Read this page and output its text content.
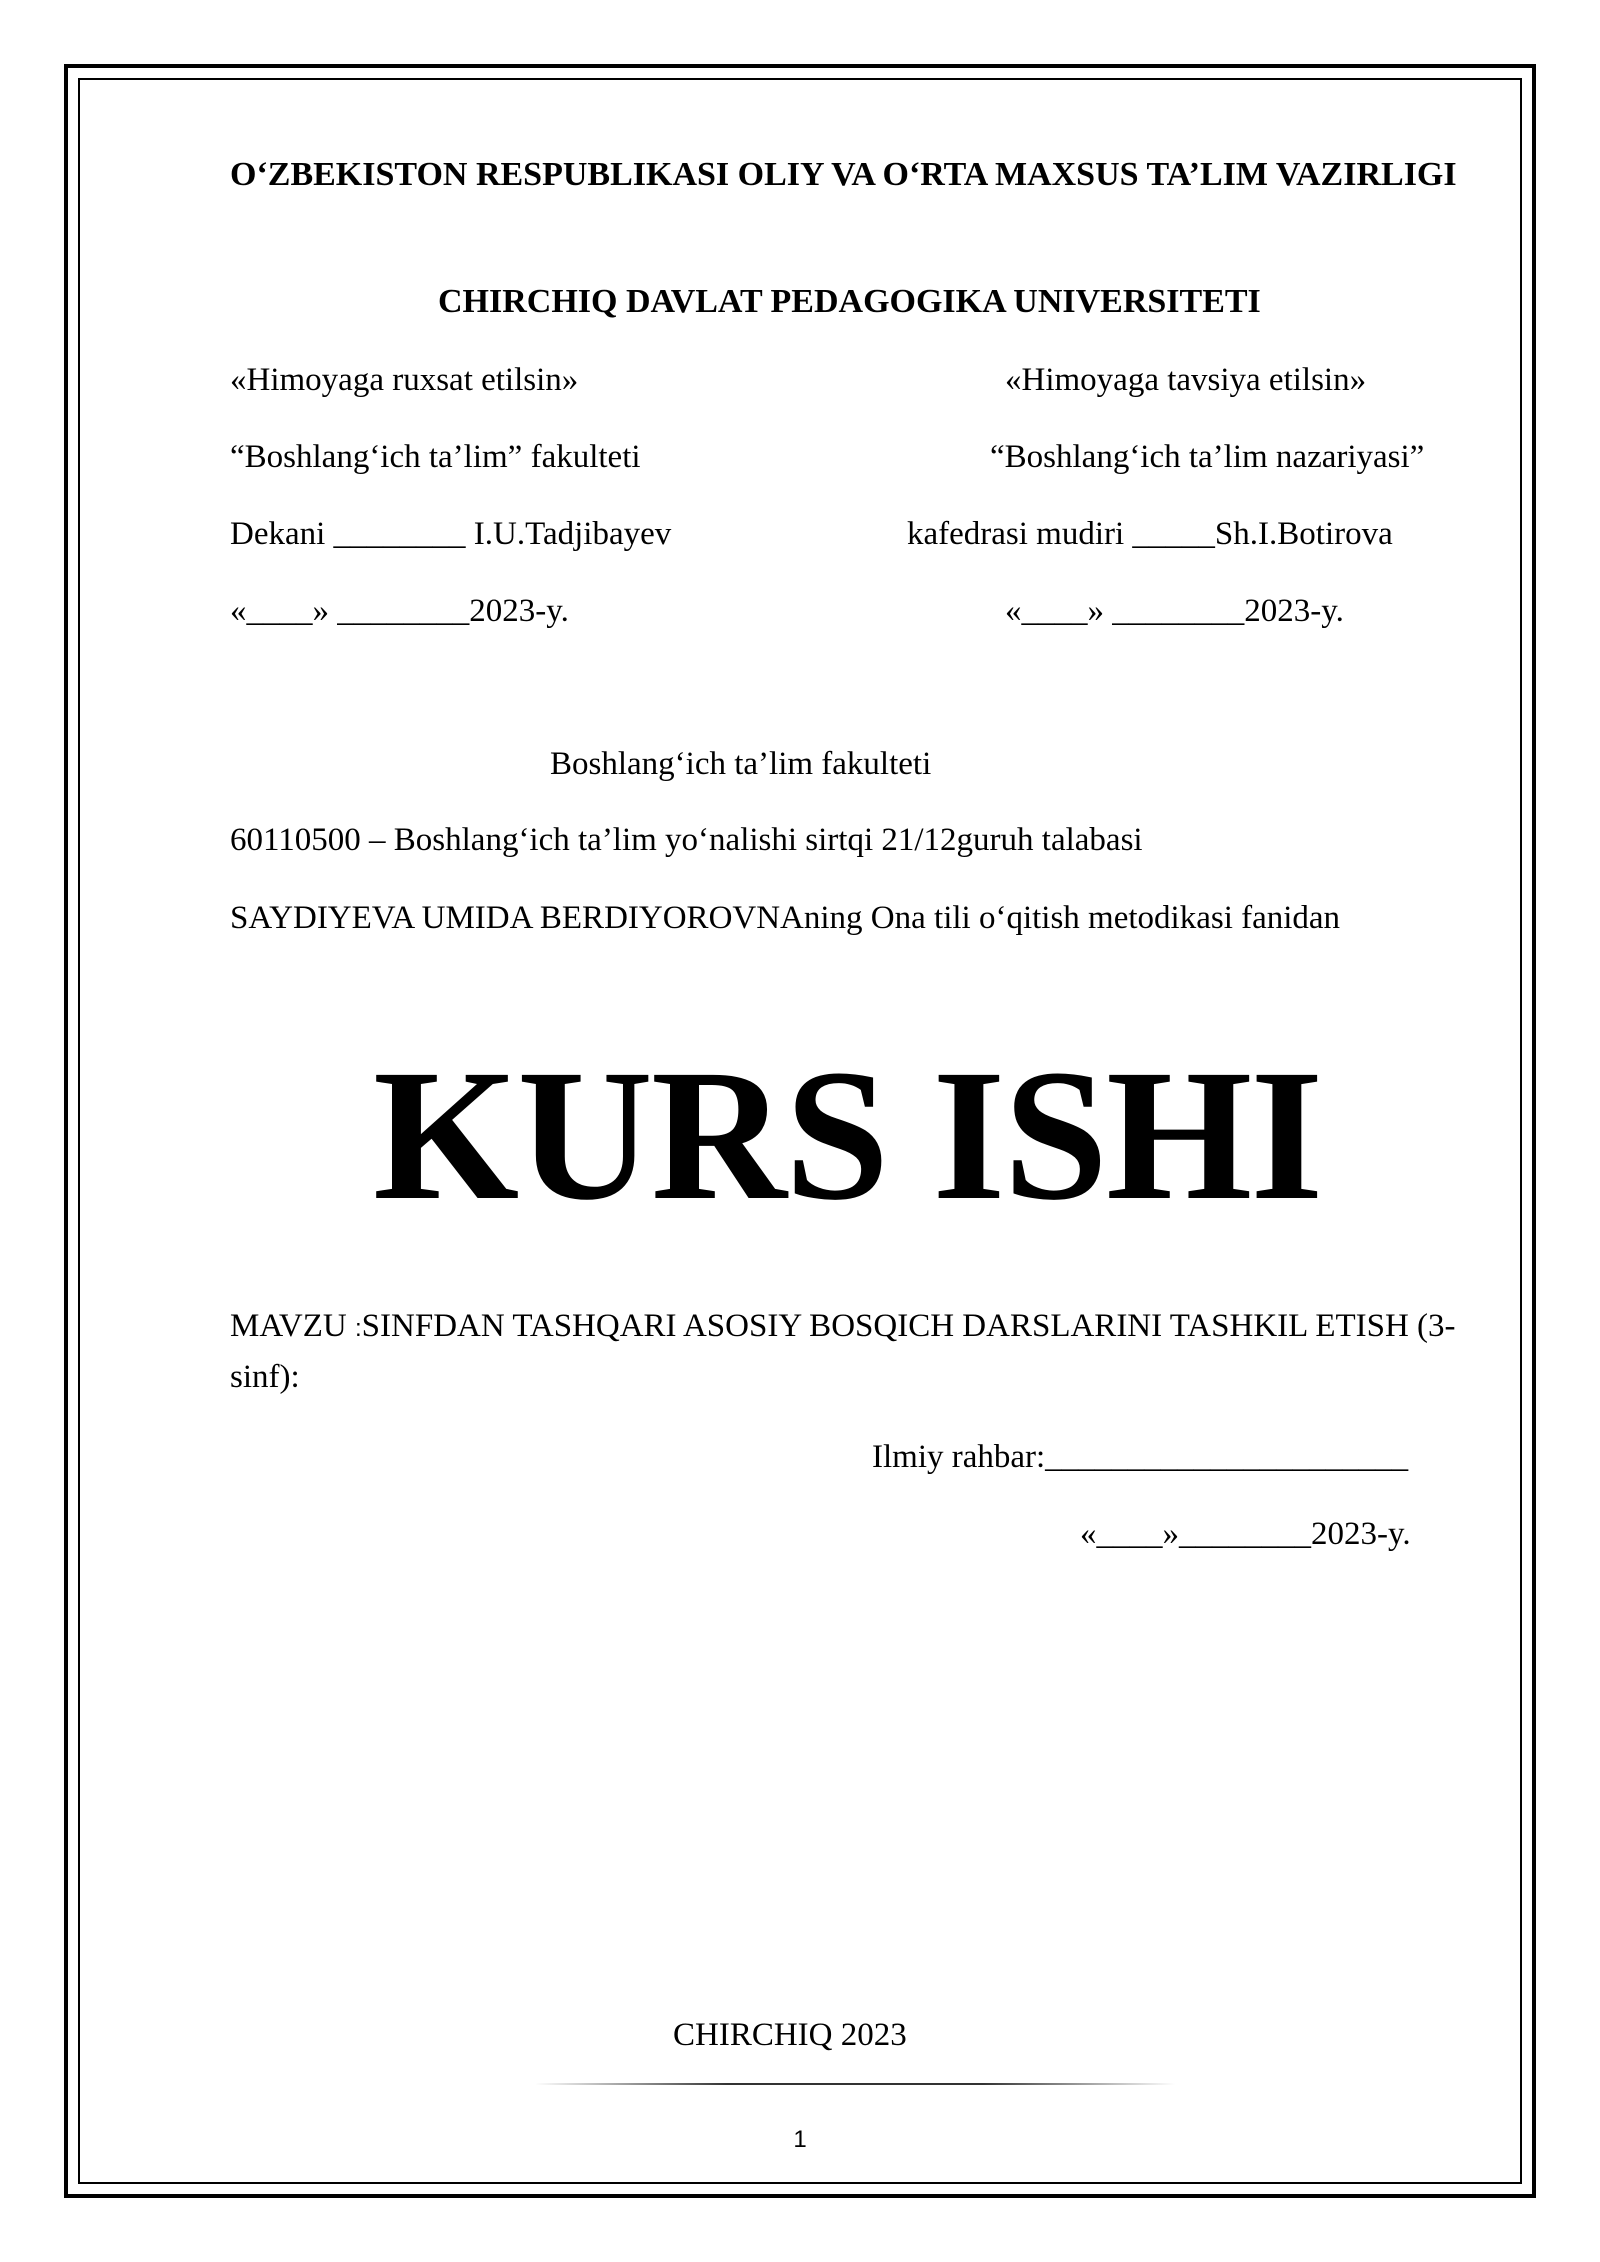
O‘ZBEKISTON RESPUBLIKASI OLIY VA O‘RTA MAXSUS TA’LIM VAZIRLIGI
CHIRCHIQ DAVLAT PEDAGOGIKA UNIVERSITETI
«Himoyaga ruxsat etilsin»	«Himoyaga tavsiya etilsin»
“Boshlang‘ich ta’lim” fakulteti	“Boshlang‘ich ta’lim nazariyasi”
Dekani ________ I.U.Tadjibayev	kafedrasi mudiri _____Sh.I.Botirova
«____» ________2023-y.	«____» ________2023-y.
Boshlang‘ich ta’lim fakulteti
60110500 – Boshlang‘ich ta’lim yo‘nalishi sirtqi 21/12guruh talabasi
SAYDIYEVA UMIDA BERDIYOROVNAning Ona tili o‘qitish metodikasi fanidan
KURS ISHI
MAVZU :SINFDAN TASHQARI ASOSIY BOSQICH DARSLARINI TASHKIL ETISH (3-sinf):
Ilmiy rahbar:______________________
«____»________2023-y.
CHIRCHIQ 2023
1
